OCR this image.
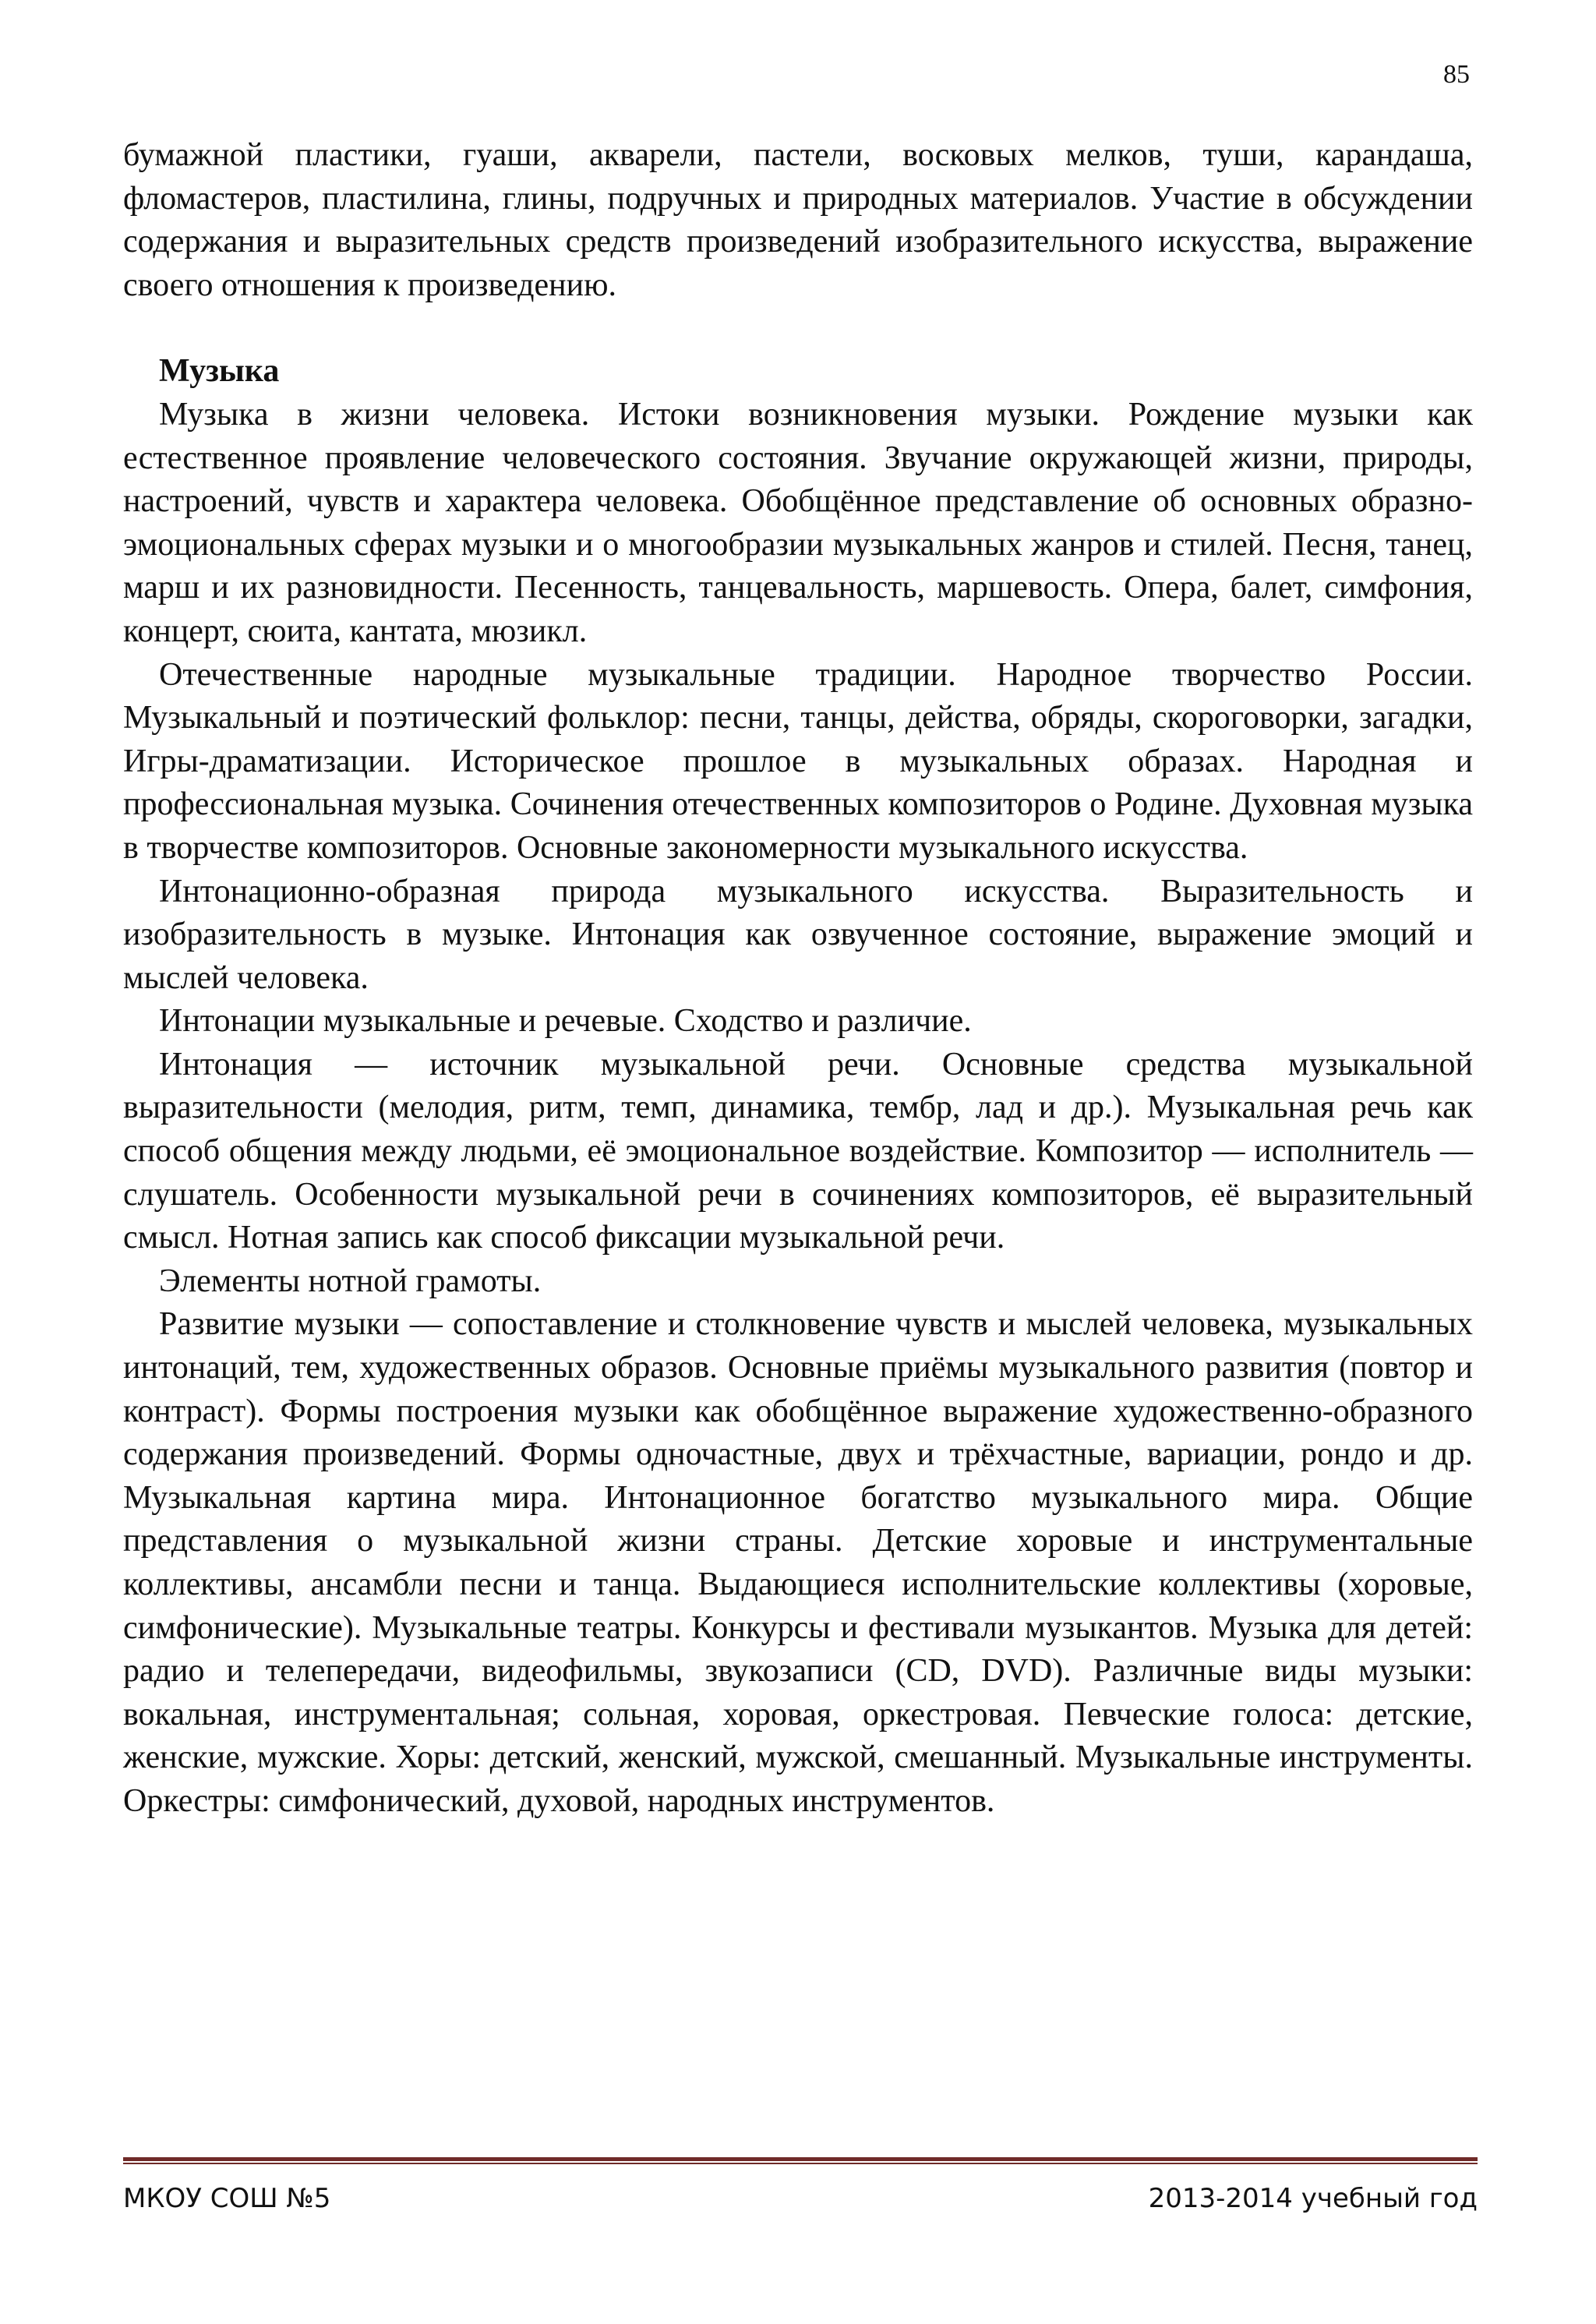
85

бумажной пластики, гуаши, акварели, пастели, восковых мелков, туши, карандаша, фломастеров, пластилина, глины, подручных и природных материалов. Участие в обсуждении содержания и выразительных средств произведений изобразительного искусства, выражение своего отношения к произведению.

Музыка

Музыка в жизни человека. Истоки возникновения музыки. Рождение музыки как естественное проявление человеческого состояния. Звучание окружающей жизни, природы, настроений, чувств и характера человека. Обобщённое представление об основных образно-эмоциональных сферах музыки и о многообразии музыкальных жанров и стилей. Песня, танец, марш и их разновидности. Песенность, танцевальность, маршевость. Опера, балет, симфония, концерт, сюита, кантата, мюзикл.

Отечественные народные музыкальные традиции. Народное творчество России. Музыкальный и поэтический фольклор: песни, танцы, действа, обряды, скороговорки, загадки, Игры-драматизации. Историческое прошлое в музыкальных образах. Народная и профессиональная музыка. Сочинения отечественных композиторов о Родине. Духовная музыка в творчестве композиторов. Основные закономерности музыкального искусства.

Интонационно-образная природа музыкального искусства. Выразительность и изобразительность в музыке. Интонация как озвученное состояние, выражение эмоций и мыслей человека.

Интонации музыкальные и речевые. Сходство и различие.

Интонация — источник музыкальной речи. Основные средства музыкальной выразительности (мелодия, ритм, темп, динамика, тембр, лад и др.). Музыкальная речь как способ общения между людьми, её эмоциональное воздействие. Композитор — исполнитель — слушатель. Особенности музыкальной речи в сочинениях композиторов, её выразительный смысл. Нотная запись как способ фиксации музыкальной речи.

Элементы нотной грамоты.

Развитие музыки — сопоставление и столкновение чувств и мыслей человека, музыкальных интонаций, тем, художественных образов. Основные приёмы музыкального развития (повтор и контраст). Формы построения музыки как обобщённое выражение художественно-образного содержания произведений. Формы одночастные, двух и трёхчастные, вариации, рондо и др. Музыкальная картина мира. Интонационное богатство музыкального мира. Общие представления о музыкальной жизни страны. Детские хоровые и инструментальные коллективы, ансамбли песни и танца. Выдающиеся исполнительские коллективы (хоровые, симфонические). Музыкальные театры. Конкурсы и фестивали музыкантов. Музыка для детей: радио и телепередачи, видеофильмы, звукозаписи (CD, DVD). Различные виды музыки: вокальная, инструментальная; сольная, хоровая, оркестровая. Певческие голоса: детские, женские, мужские. Хоры: детский, женский, мужской, смешанный. Музыкальные инструменты. Оркестры: симфонический, духовой, народных инструментов.

МКОУ СОШ №5	2013-2014 учебный год
